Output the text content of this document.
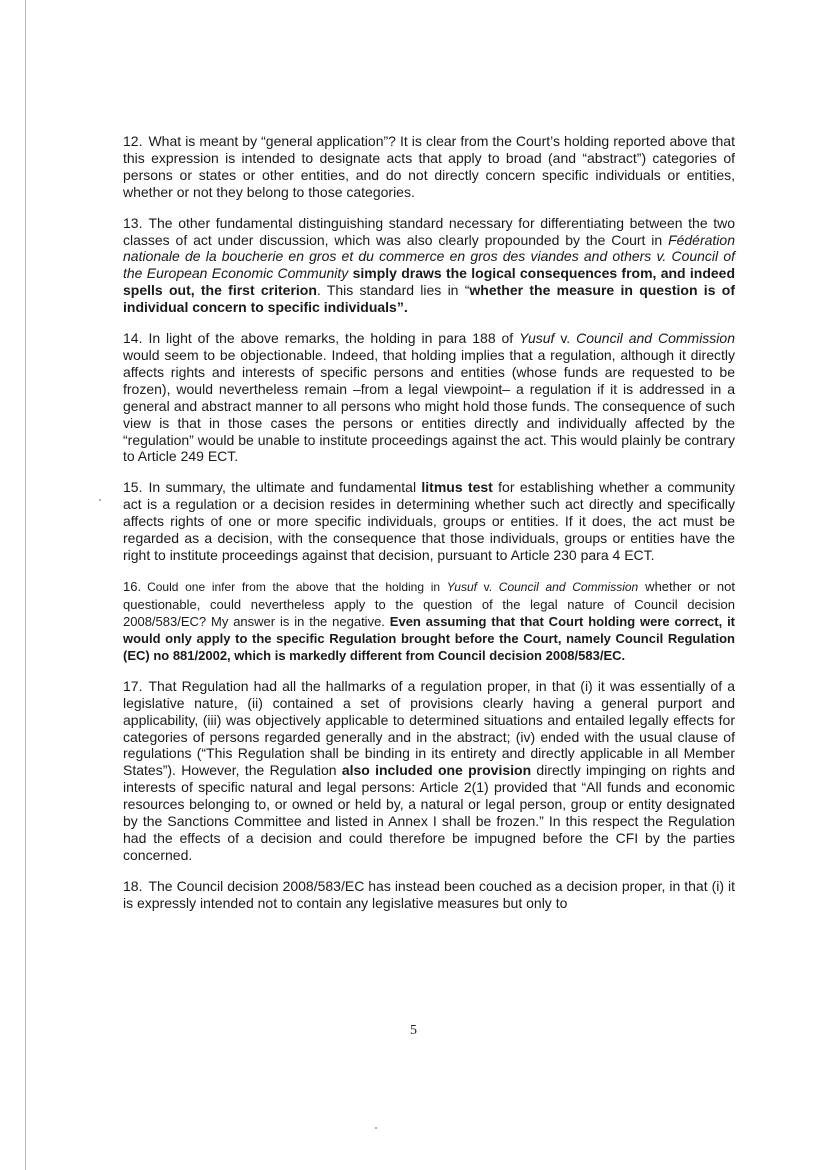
12. What is meant by “general application”? It is clear from the Court’s holding reported above that this expression is intended to designate acts that apply to broad (and “abstract”) categories of persons or states or other entities, and do not directly concern specific individuals or entities, whether or not they belong to those categories.

13. The other fundamental distinguishing standard necessary for differentiating between the two classes of act under discussion, which was also clearly propounded by the Court in Fédération nationale de la boucherie en gros et du commerce en gros des viandes and others v. Council of the European Economic Community simply draws the logical consequences from, and indeed spells out, the first criterion. This standard lies in “whether the measure in question is of individual concern to specific individuals”.

14. In light of the above remarks, the holding in para 188 of Yusuf v. Council and Commission would seem to be objectionable. Indeed, that holding implies that a regulation, although it directly affects rights and interests of specific persons and entities (whose funds are requested to be frozen), would nevertheless remain –from a legal viewpoint– a regulation if it is addressed in a general and abstract manner to all persons who might hold those funds. The consequence of such view is that in those cases the persons or entities directly and individually affected by the “regulation” would be unable to institute proceedings against the act. This would plainly be contrary to Article 249 ECT.

15. In summary, the ultimate and fundamental litmus test for establishing whether a community act is a regulation or a decision resides in determining whether such act directly and specifically affects rights of one or more specific individuals, groups or entities. If it does, the act must be regarded as a decision, with the consequence that those individuals, groups or entities have the right to institute proceedings against that decision, pursuant to Article 230 para 4 ECT.

16. Could one infer from the above that the holding in Yusuf v. Council and Commission whether or not questionable, could nevertheless apply to the question of the legal nature of Council decision 2008/583/EC? My answer is in the negative. Even assuming that that Court holding were correct, it would only apply to the specific Regulation brought before the Court, namely Council Regulation (EC) no 881/2002, which is markedly different from Council decision 2008/583/EC.

17. That Regulation had all the hallmarks of a regulation proper, in that (i) it was essentially of a legislative nature, (ii) contained a set of provisions clearly having a general purport and applicability, (iii) was objectively applicable to determined situations and entailed legally effects for categories of persons regarded generally and in the abstract; (iv) ended with the usual clause of regulations (“This Regulation shall be binding in its entirety and directly applicable in all Member States”). However, the Regulation also included one provision directly impinging on rights and interests of specific natural and legal persons: Article 2(1) provided that “All funds and economic resources belonging to, or owned or held by, a natural or legal person, group or entity designated by the Sanctions Committee and listed in Annex I shall be frozen.” In this respect the Regulation had the effects of a decision and could therefore be impugned before the CFI by the parties concerned.

18. The Council decision 2008/583/EC has instead been couched as a decision proper, in that (i) it is expressly intended not to contain any legislative measures but only to

5
